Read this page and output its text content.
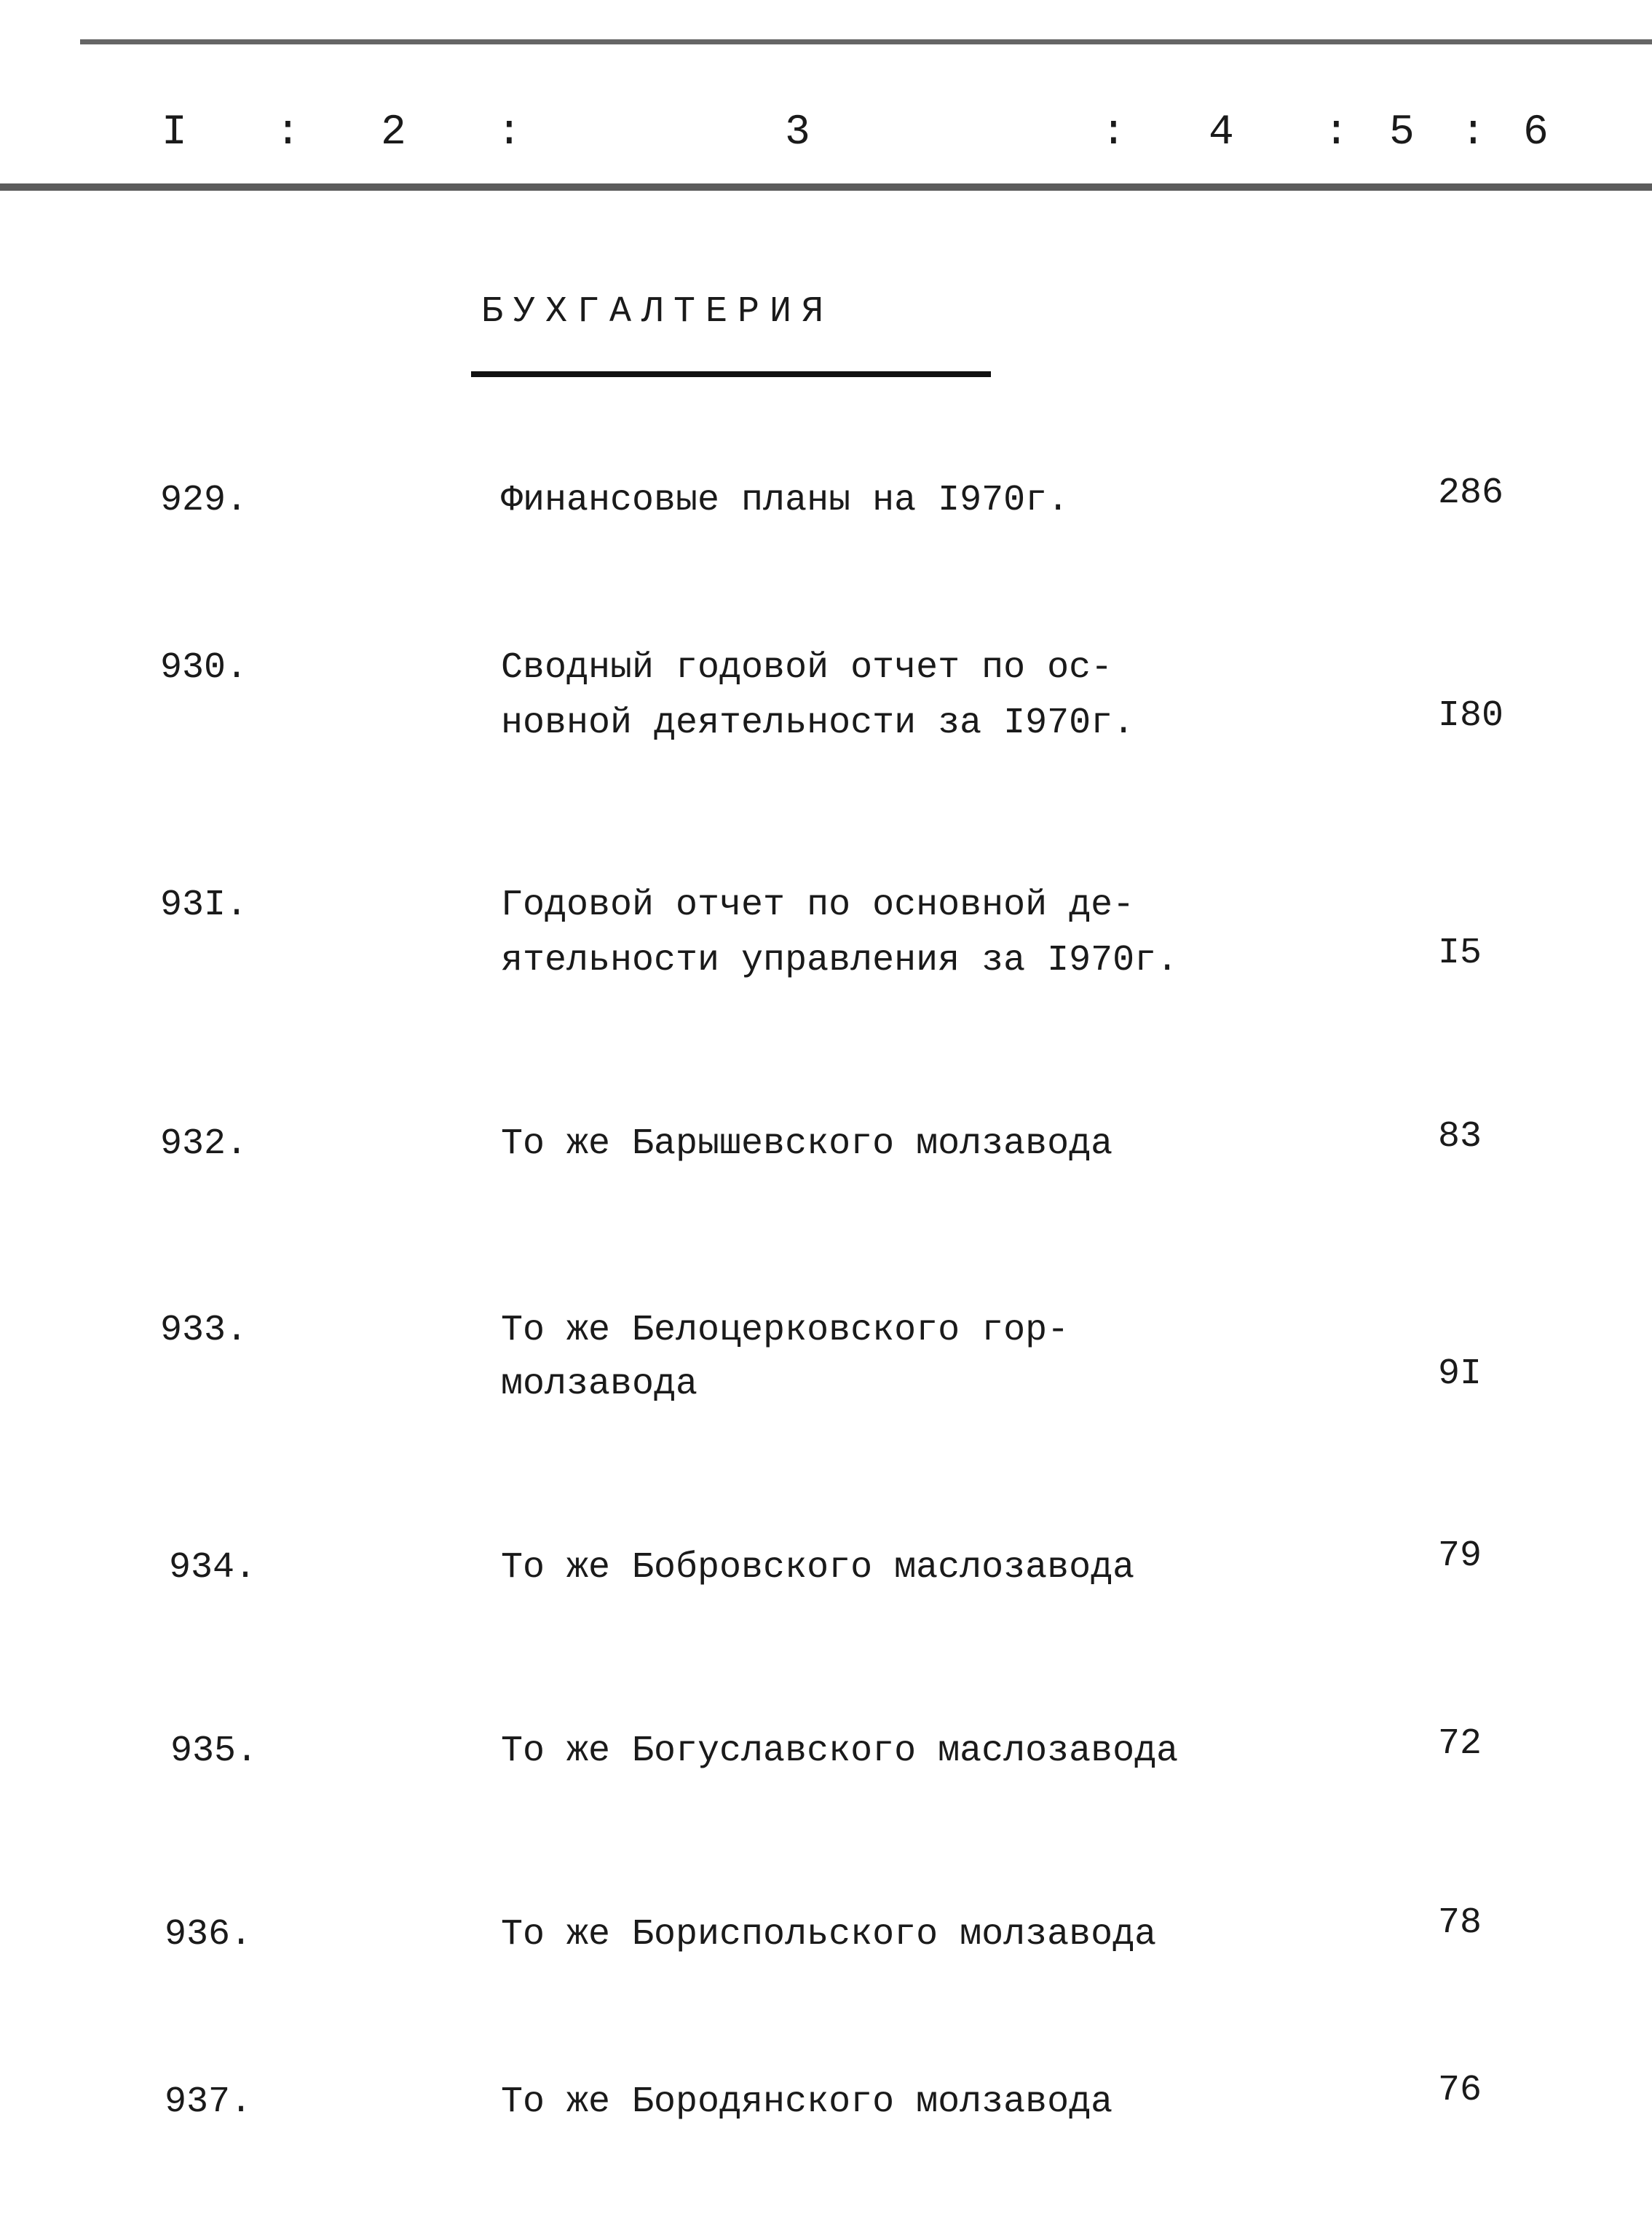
I : 2 :	3	: 4 : 5 : 6
БУХГАЛТЕРИЯ
929.	Финансовые планы на I970г.	286
930.	Сводный годовой отчет по ос-
новной деятельности за I970г.	I80
93I.	Годовой отчет по основной де-
ятельности управления за I970г.	I5
932.	То же Барышевского молзавода	83
933.	То же Белоцерковского гор-
молзавода	9I
934.	То же Бобровского маслозавода	79
935.	То же Богуславского маслозавода	72
936.	То же Бориспольского молзавода	78
937.	То же Бородянского молзавода	76
